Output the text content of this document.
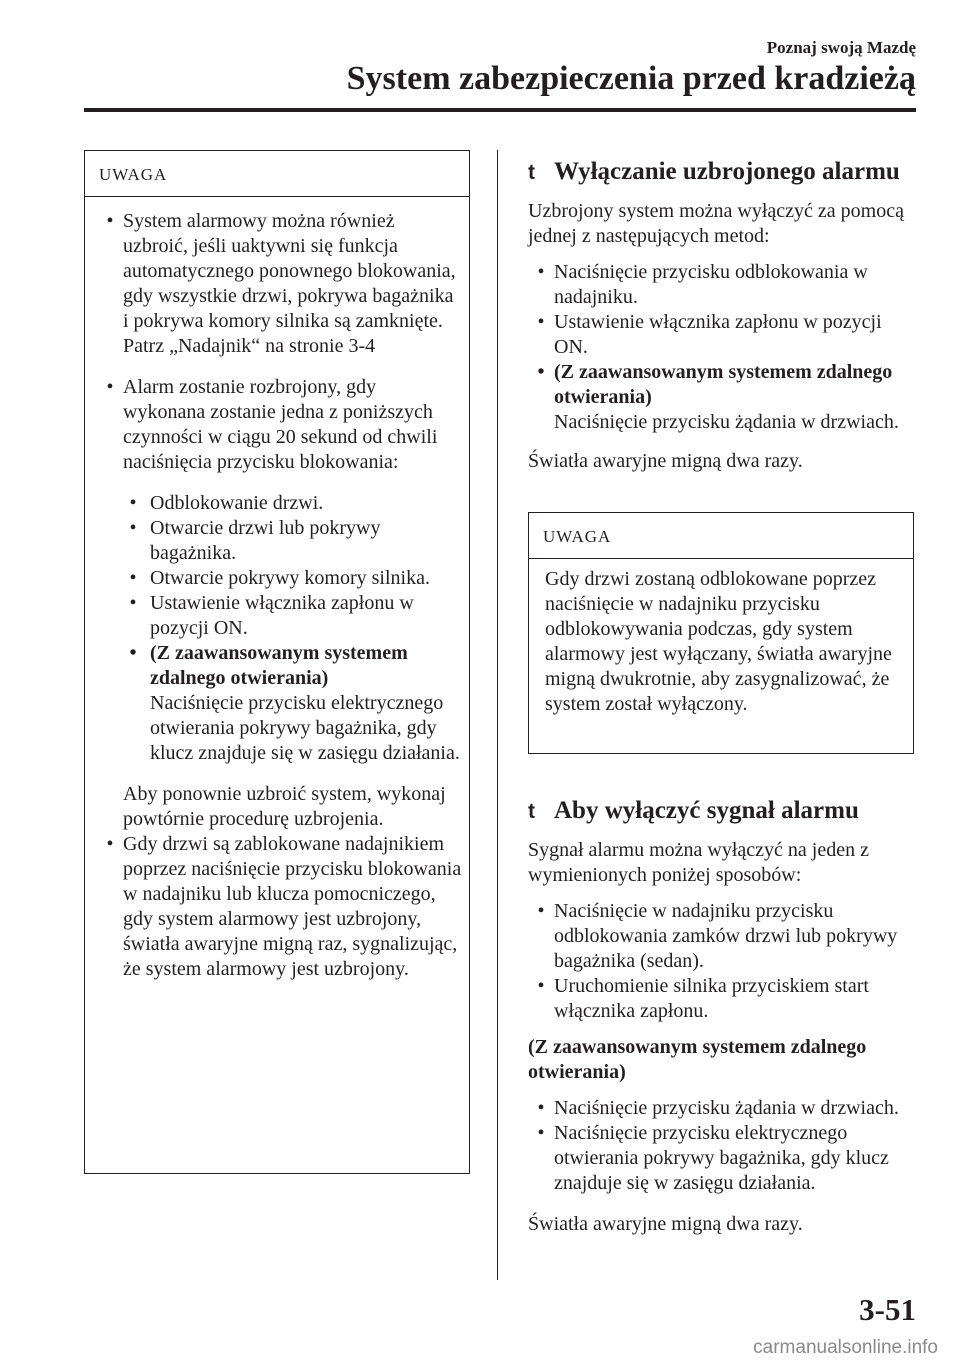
Poznaj swoją Mazdę
System zabezpieczenia przed kradzieżą
UWAGA
• System alarmowy można również uzbroić, jeśli uaktywni się funkcja automatycznego ponownego blokowania, gdy wszystkie drzwi, pokrywa bagażnika i pokrywa komory silnika są zamknięte.

Patrz „Nadajnik“ na stronie 3-4

• Alarm zostanie rozbrojony, gdy wykonana zostanie jedna z poniższych czynności w ciągu 20 sekund od chwili naciśnięcia przycisku blokowania:

• Odblokowanie drzwi.

• Otwarcie drzwi lub pokrywy bagażnika.

• Otwarcie pokrywy komory silnika.

• Ustawienie włącznika zapłonu w pozycji ON.

• (Z zaawansowanym systemem zdalnego otwierania)

Naciśnięcie przycisku elektrycznego otwierania pokrywy bagażnika, gdy klucz znajduje się w zasięgu działania.

Aby ponownie uzbroić system, wykonaj powtórnie procedurę uzbrojenia.

• Gdy drzwi są zablokowane nadajnikiem poprzez naciśnięcie przycisku blokowania w nadajniku lub klucza pomocniczego, gdy system alarmowy jest uzbrojony, światła awaryjne migną raz, sygnalizując, że system alarmowy jest uzbrojony.

t Wyłączanie uzbrojonego alarmu

Uzbrojony system można wyłączyć za pomocą jednej z następujących metod:

• Naciśnięcie przycisku odblokowania w nadajniku.

• Ustawienie włącznika zapłonu w pozycji ON.

• (Z zaawansowanym systemem zdalnego otwierania)

Naciśnięcie przycisku żądania w drzwiach.

Światła awaryjne migną dwa razy.

UWAGA

Gdy drzwi zostaną odblokowane poprzez naciśnięcie w nadajniku przycisku odblokowywania podczas, gdy system alarmowy jest wyłączany, światła awaryjne migną dwukrotnie, aby zasygnalizować, że system został wyłączony.

t Aby wyłączyć sygnał alarmu

Sygnał alarmu można wyłączyć na jeden z wymienionych poniżej sposobów:

• Naciśnięcie w nadajniku przycisku odblokowania zamków drzwi lub pokrywy bagażnika (sedan).

• Uruchomienie silnika przyciskiem start włącznika zapłonu.

(Z zaawansowanym systemem zdalnego otwierania)

• Naciśnięcie przycisku żądania w drzwiach.

• Naciśnięcie przycisku elektrycznego otwierania pokrywy bagażnika, gdy klucz znajduje się w zasięgu działania.

Światła awaryjne migną dwa razy.

3-51
carmanualsonline.info
